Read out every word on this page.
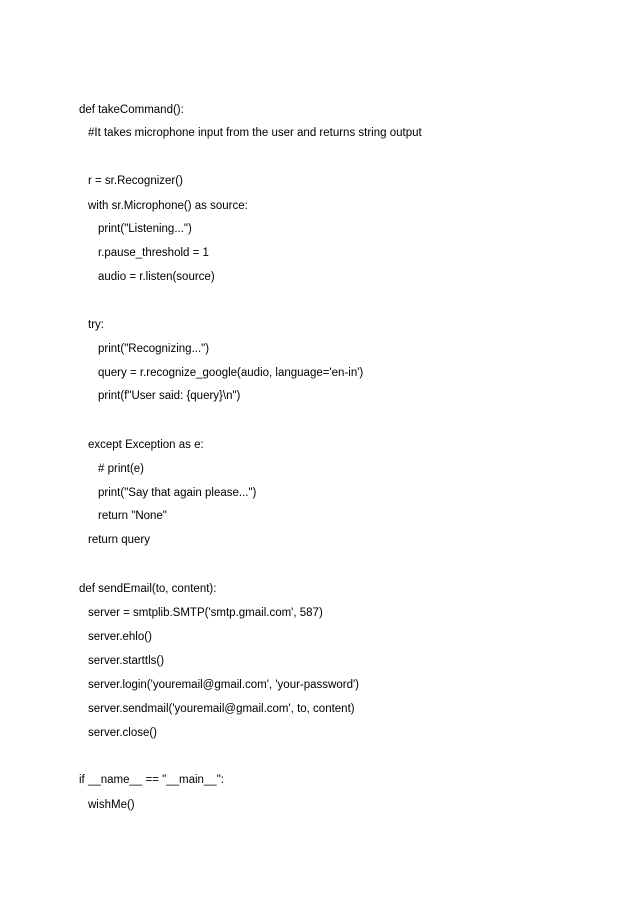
def takeCommand():
#It takes microphone input from the user and returns string output
r = sr.Recognizer()
with sr.Microphone() as source:
print("Listening...")
r.pause_threshold = 1
audio = r.listen(source)
try:
print("Recognizing...")
query = r.recognize_google(audio, language='en-in')
print(f"User said: {query}\n")
except Exception as e:
# print(e)
print("Say that again please...")
return "None"
return query
def sendEmail(to, content):
server = smtplib.SMTP('smtp.gmail.com', 587)
server.ehlo()
server.starttls()
server.login('youremail@gmail.com', 'your-password')
server.sendmail('youremail@gmail.com', to, content)
server.close()
if __name__ == "__main__":
wishMe()
